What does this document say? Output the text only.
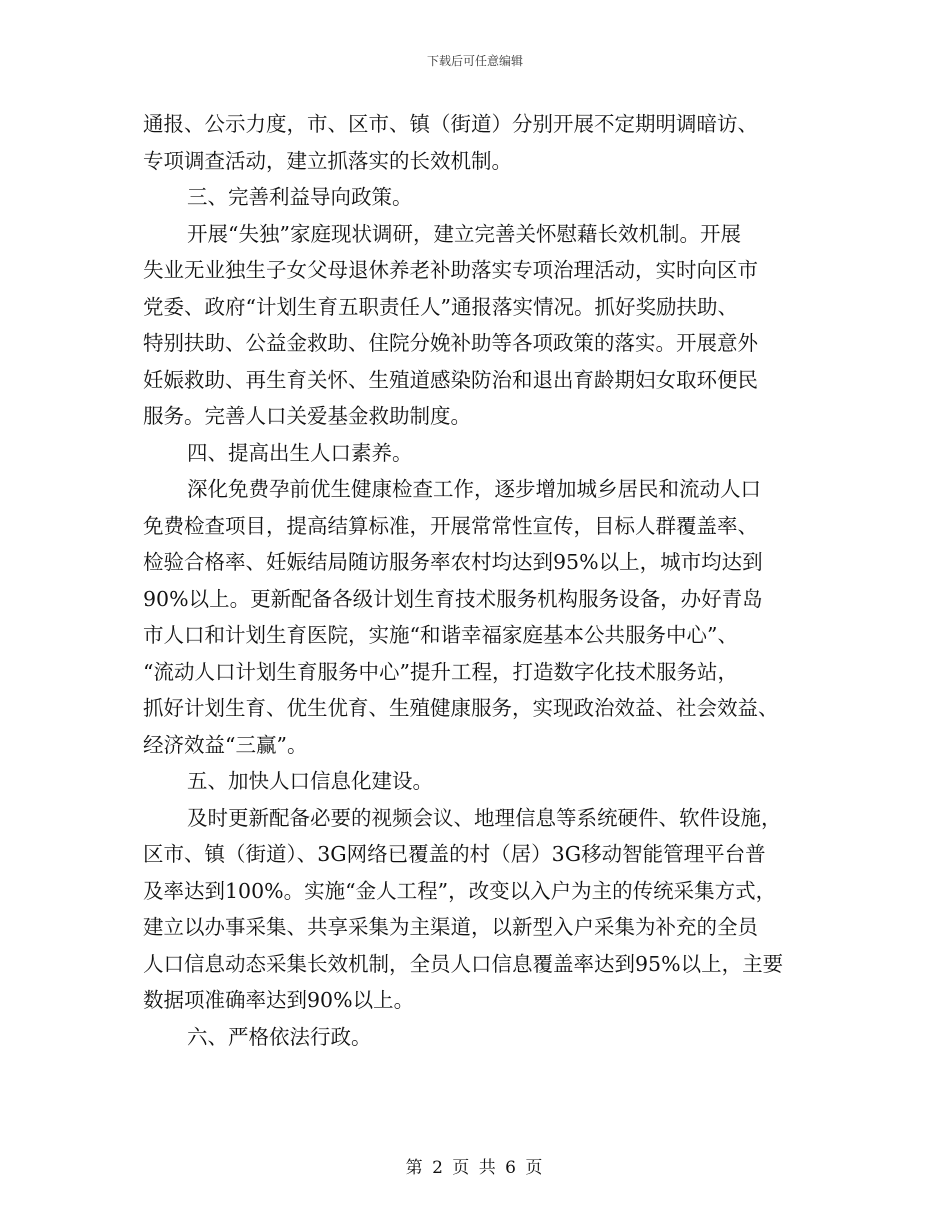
下载后可任意编辑
通报、公示力度，市、区市、镇（街道）分别开展不定期明调暗访、
专项调查活动，建立抓落实的长效机制。
三、完善利益导向政策。
开展“失独”家庭现状调研，建立完善关怀慰藉长效机制。开展
失业无业独生子女父母退休养老补助落实专项治理活动，实时向区市
党委、政府“计划生育五职责任人”通报落实情况。抓好奖励扶助、
特别扶助、公益金救助、住院分娩补助等各项政策的落实。开展意外
妊娠救助、再生育关怀、生殖道感染防治和退出育龄期妇女取环便民
服务。完善人口关爱基金救助制度。
四、提高出生人口素养。
深化免费孕前优生健康检查工作，逐步增加城乡居民和流动人口
免费检查项目，提高结算标准，开展常常性宣传，目标人群覆盖率、
检验合格率、妊娠结局随访服务率农村均达到95%以上，城市均达到
90%以上。更新配备各级计划生育技术服务机构服务设备，办好青岛
市人口和计划生育医院，实施“和谐幸福家庭基本公共服务中心”、
“流动人口计划生育服务中心”提升工程，打造数字化技术服务站，
抓好计划生育、优生优育、生殖健康服务，实现政治效益、社会效益、
经济效益“三赢”。
五、加快人口信息化建设。
及时更新配备必要的视频会议、地理信息等系统硬件、软件设施，
区市、镇（街道）、3G网络已覆盖的村（居）3G移动智能管理平台普
及率达到100%。实施“金人工程”，改变以入户为主的传统采集方式，
建立以办事采集、共享采集为主渠道，以新型入户采集为补充的全员
人口信息动态采集长效机制，全员人口信息覆盖率达到95%以上，主要
数据项准确率达到90%以上。
六、严格依法行政。
第 2 页 共 6 页
